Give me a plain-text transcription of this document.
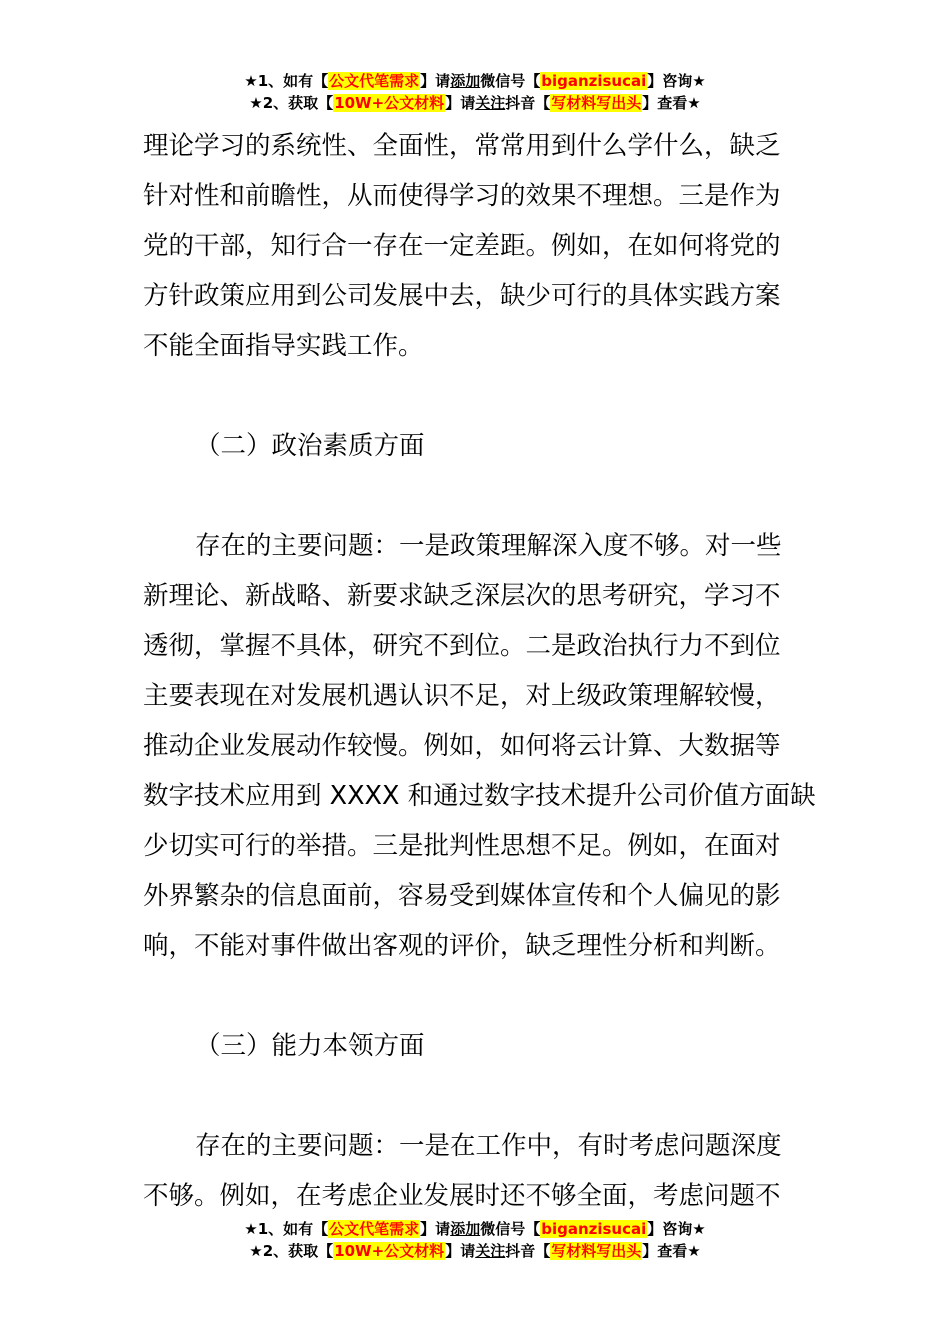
★1、如有【公文代笔需求】请添加微信号【biganzisucai】咨询★
★2、获取【10W+公文材料】请关注抖音【写材料写出头】查看★
理论学习的系统性、全面性，常常用到什么学什么，缺乏
针对性和前瞻性，从而使得学习的效果不理想。三是作为
党的干部，知行合一存在一定差距。例如，在如何将党的
方针政策应用到公司发展中去，缺少可行的具体实践方案
不能全面指导实践工作。
（二）政治素质方面
存在的主要问题：一是政策理解深入度不够。对一些
新理论、新战略、新要求缺乏深层次的思考研究，学习不
透彻，掌握不具体，研究不到位。二是政治执行力不到位
主要表现在对发展机遇认识不足，对上级政策理解较慢，
推动企业发展动作较慢。例如，如何将云计算、大数据等
数字技术应用到 XXXX 和通过数字技术提升公司价值方面缺
少切实可行的举措。三是批判性思想不足。例如，在面对
外界繁杂的信息面前，容易受到媒体宣传和个人偏见的影
响，不能对事件做出客观的评价，缺乏理性分析和判断。
（三）能力本领方面
存在的主要问题：一是在工作中，有时考虑问题深度
不够。例如，在考虑企业发展时还不够全面，考虑问题不
★1、如有【公文代笔需求】请添加微信号【biganzisucai】咨询★
★2、获取【10W+公文材料】请关注抖音【写材料写出头】查看★
